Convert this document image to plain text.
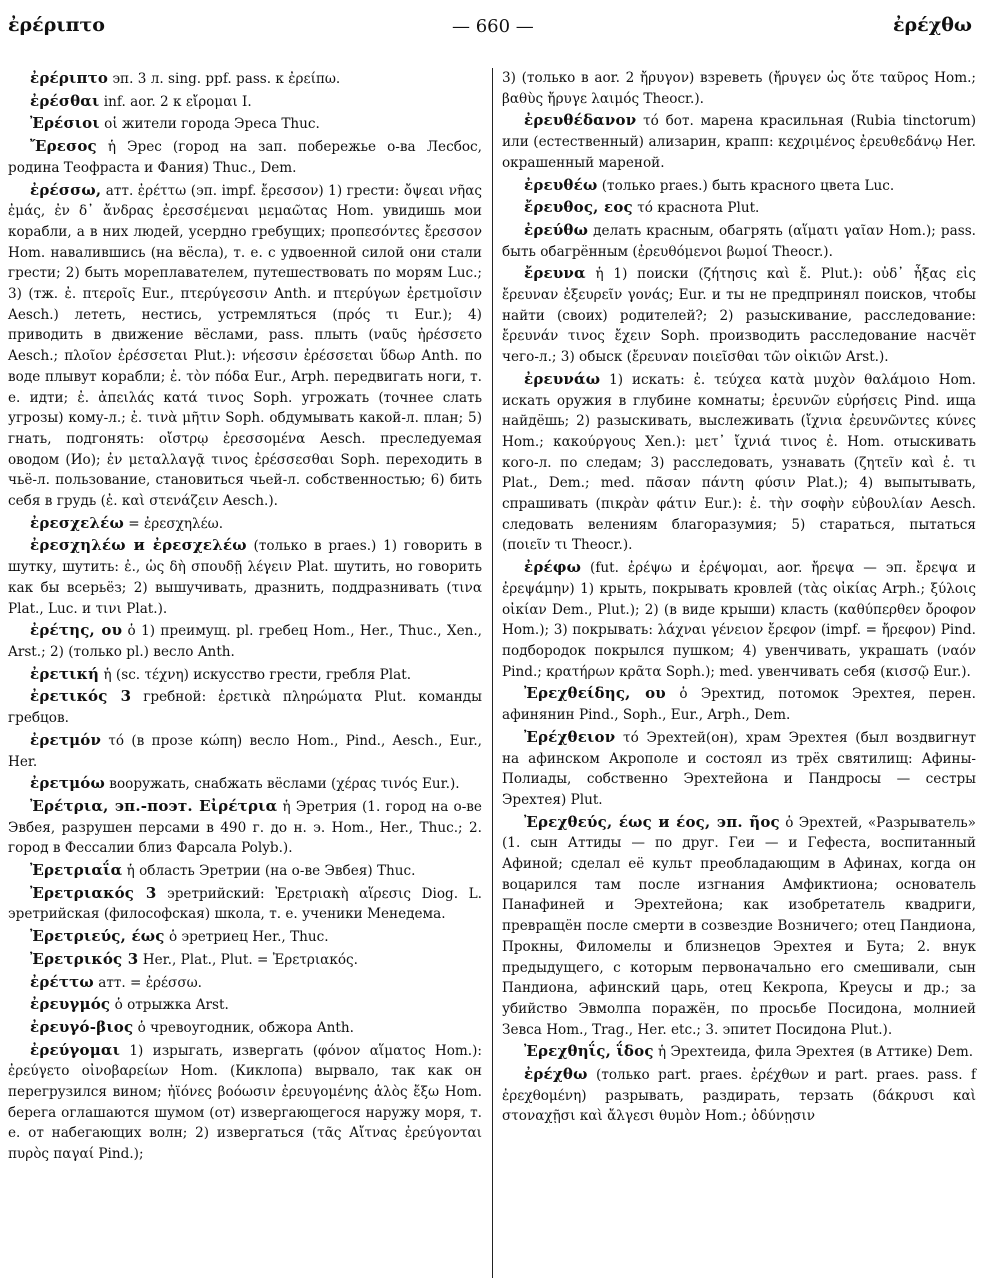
ἐρέριπτο	— 660 —	ἐρέχθω
ἐρέριπτο эп. 3 л. sing. ppf. pass. к ἐρείπω.
ἐρέσθαι inf. aor. 2 к εἴρομαι I.
Ἐρέσιοι οἱ жители города Эреса Thuc.
Ἔρεσος ἡ Эрес (город на зап. побережье о-ва Лесбос, родина Теофраста и Фания) Thuc., Dem.
ἐρέσσω, атт. ἐρέττω (эп. impf. ἔρεσσον) 1) грести: ὄψεαι νῆας ἐμάς, ἐν δ᾽ ἄνδρας ἐρεσσέμεναι μεμαῶτας Hom. увидишь мои корабли, а в них людей, усердно гребущих; προπεσόντες ἔρεσσον Hom. навалившись (на вёсла), т. е. с удвоенной силой они стали грести; 2) быть мореплавателем, путешествовать по морям Luc.; 3) (тж. ἐ. πτεροῖς Eur., πτερύγεσσιν Anth. и πτερύγων ἐρετμοῖσιν Aesch.) лететь, нестись, устремляться (πρός τι Eur.); 4) приводить в движение вёслами, pass. плыть (ναῦς ἠρέσσετο Aesch.; πλοῖον ἐρέσσεται Plut.): νήεσσιν ἐρέσσεται ὕδωρ Anth. по воде плывут корабли; ἐ. τὸν πόδα Eur., Arph. передвигать ноги, т. е. идти; ἐ. ἀπειλάς κατά τινος Soph. угрожать (точнее слать угрозы) кому-л.; ἐ. τινὰ μῆτιν Soph. обдумывать какой-л. план; 5) гнать, подгонять: οἴστρῳ ἐρεσσομένα Aesch. преследуемая оводом (Ио); ἐν μεταλλαγᾷ τινος ἐρέσσεσθαι Soph. переходить в чьё-л. пользование, становиться чьей-л. собственностью; 6) бить себя в грудь (ἐ. καὶ στενάζειν Aesch.).
ἐρεσχελέω = ἐρεσχηλέω.
ἐρεσχηλέω и ἐρεσχελέω (только в praes.) 1) говорить в шутку, шутить: ἐ., ὡς δὴ σπουδῇ λέγειν Plat. шутить, но говорить как бы всерьёз; 2) вышучивать, дразнить, поддразнивать (τινα Plat., Luc. и τινι Plat.).
ἐρέτης, ου ὁ 1) преимущ. pl. гребец Hom., Her., Thuc., Xen., Arst.; 2) (только pl.) весло Anth.
ἐρετική ἡ (sc. τέχνη) искусство грести, гребля Plat.
ἐρετικός 3 гребной: ἐρετικὰ πληρώματα Plut. команды гребцов.
ἐρετμόν τό (в прозе κώπη) весло Hom., Pind., Aesch., Eur., Her.
ἐρετμόω вооружать, снабжать вёслами (χέρας τινός Eur.).
Ἐρέτρια, эп.-поэт. Εἰρέτρια ἡ Эретрия (1. город на о-ве Эвбея, разрушен персами в 490 г. до н. э. Hom., Her., Thuc.; 2. город в Фессалии близ Фарсала Polyb.).
Ἐρετριαΐα ἡ область Эретрии (на о-ве Эвбея) Thuc.
Ἐρετριακός 3 эретрийский: Ἐρετριακὴ αἵρεσις Diog. L. эретрийская (философская) школа, т. е. ученики Менедема.
Ἐρετριεύς, έως ὁ эретриец Her., Thuc.
Ἐρετρικός 3 Her., Plat., Plut. = Ἐρετριακός.
ἐρέττω атт. = ἐρέσσω.
ἐρευγμός ὁ отрыжка Arst.
ἐρευγό-βιος ὁ чревоугодник, обжора Anth.
ἐρεύγομαι 1) изрыгать, извергать (φόνον αἵματος Hom.): ἐρεύγετο οἰνοβαρείων Hom. (Киклопа) вырвало, так как он перегрузился вином; ἠϊόνες βοόωσιν ἐρευγομένης ἁλὸς ἔξω Hom. берега оглашаются шумом (от) извергающегося наружу моря, т. е. от набегающих волн; 2) извергаться (τᾶς Αἴτνας ἐρεύγονται πυρὸς παγαί Pind.);
3) (только в aor. 2 ἤρυγον) взреветь (ἤρυγεν ὡς ὅτε ταῦρος Hom.; βαθὺς ἤρυγε λαιμός Theocr.).
ἐρευθέδανον τό бот. марена красильная (Rubia tinctorum) или (естественный) ализарин, крапп: κεχριμένος ἐρευθεδάνῳ Her. окрашенный мареной.
ἐρευθέω (только praes.) быть красного цвета Luc.
ἔρευθος, εος τό краснота Plut.
ἐρεύθω делать красным, обагрять (αἵματι γαῖαν Hom.); pass. быть обагрённым (ἐρευθόμενοι βωμοί Theocr.).
ἔρευνα ἡ 1) поиски (ζήτησις καὶ ἔ. Plut.): οὐδ᾽ ἦξας εἰς ἔρευναν ἐξευρεῖν γονάς; Eur. и ты не предпринял поисков, чтобы найти (своих) родителей?; 2) разыскивание, расследование: ἔρευνάν τινος ἔχειν Soph. производить расследование насчёт чего-л.; 3) обыск (ἔρευναν ποιεῖσθαι τῶν οἰκιῶν Arst.).
ἐρευνάω 1) искать: ἐ. τεύχεα κατὰ μυχὸν θαλάμοιο Hom. искать оружия в глубине комнаты; ἐρευνῶν εὑρήσεις Pind. ища найдёшь; 2) разыскивать, выслеживать (ἴχνια ἐρευνῶντες κύνες Hom.; κακούργους Xen.): μετ᾽ ἴχνιά τινος ἐ. Hom. отыскивать кого-л. по следам; 3) расследовать, узнавать (ζητεῖν καὶ ἐ. τι Plat., Dem.; med. πᾶσαν πάντη φύσιν Plat.); 4) выпытывать, спрашивать (πικρὰν φάτιν Eur.): ἐ. τὴν σοφὴν εὐβουλίαν Aesch. следовать велениям благоразумия; 5) стараться, пытаться (ποιεῖν τι Theocr.).
ἐρέφω (fut. ἐρέψω и ἐρέψομαι, aor. ἤρεψα — эп. ἔρεψα и ἐρεψάμην) 1) крыть, покрывать кровлей (τὰς οἰκίας Arph.; ξύλοις οἰκίαν Dem., Plut.); 2) (в виде крыши) класть (καθύπερθεν ὄροφον Hom.); 3) покрывать: λάχναι γένειον ἔρεφον (impf. = ἤρεφον) Pind. подбородок покрылся пушком; 4) увенчивать, украшать (ναόν Pind.; κρατήρων κρᾶτα Soph.); med. увенчивать себя (κισσῷ Eur.).
Ἐρεχθείδης, ου ὁ Эрехтид, потомок Эрехтея, перен. афинянин Pind., Soph., Eur., Arph., Dem.
Ἐρέχθειον τό Эрехтей(он), храм Эрехтея (был воздвигнут на афинском Акрополе и состоял из трёх святилищ: Афины-Полиады, собственно Эрехтейона и Пандросы — сестры Эрехтея) Plut.
Ἐρεχθεύς, έως и έος, эп. ῆος ὁ Эрехтей, «Разрыватель» (1. сын Аттиды — по друг. Геи — и Гефеста, воспитанный Афиной; сделал её культ преобладающим в Афинах, когда он воцарился там после изгнания Амфиктиона; основатель Панафиней и Эрехтейона; как изобретатель квадриги, превращён после смерти в созвездие Возничего; отец Пандиона, Прокны, Филомелы и близнецов Эрехтея и Бута; 2. внук предыдущего, с которым первоначально его смешивали, сын Пандиона, афинский царь, отец Кекропа, Креусы и др.; за убийство Эвмолпа поражён, по просьбе Посидона, молнией Зевса Hom., Trag., Her. etc.; 3. эпитет Посидона Plut.).
Ἐρεχθηΐς, ΐδος ἡ Эрехтеида, фила Эрехтея (в Аттике) Dem.
ἐρέχθω (только part. praes. ἐρέχθων и part. praes. pass. f ἐρεχθομένη) разрывать, раздирать, терзать (δάκρυσι καὶ στοναχῇσι καὶ ἄλγεσι θυμὸν Hom.; ὀδύνῃσιν
